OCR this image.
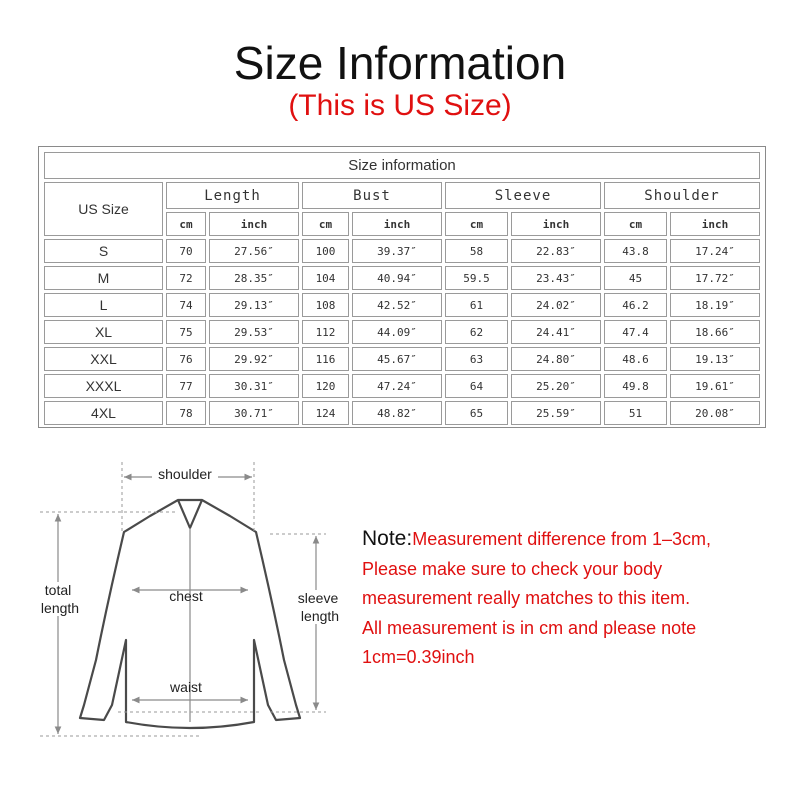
Size Information
(This is US Size)
Size information								
US Size	Length		Bust		Sleeve		Shoulder	
	cm	inch	cm	inch	cm	inch	cm	inch
S	70	27.56″	100	39.37″	58	22.83″	43.8	17.24″
M	72	28.35″	104	40.94″	59.5	23.43″	45	17.72″
L	74	29.13″	108	42.52″	61	24.02″	46.2	18.19″
XL	75	29.53″	112	44.09″	62	24.41″	47.4	18.66″
XXL	76	29.92″	116	45.67″	63	24.80″	48.6	19.13″
XXXL	77	30.31″	120	47.24″	64	25.20″	49.8	19.61″
4XL	78	30.71″	124	48.82″	65	25.59″	51	20.08″
shoulder
chest
waist
total
length
sleeve
length
Note:Measurement difference from 1–3cm,
Please make sure to check your body
measurement really matches to this item.
All measurement is in cm and please note
1cm=0.39inch
